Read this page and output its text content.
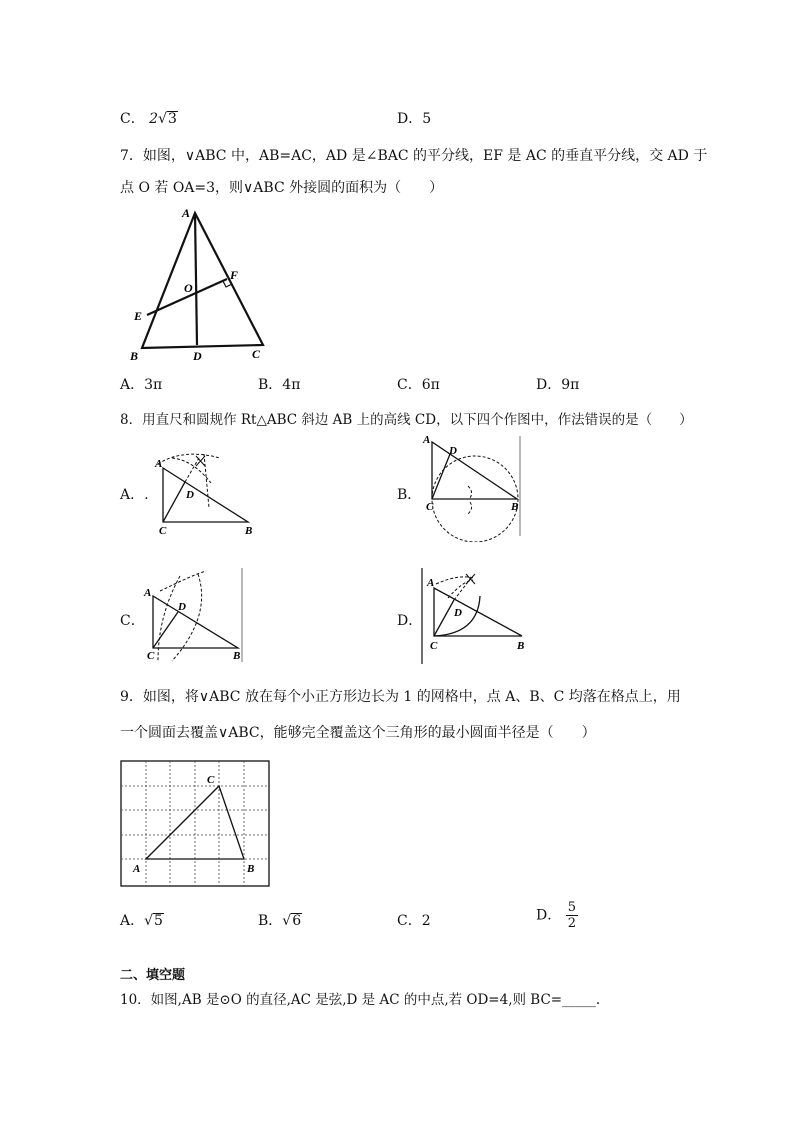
C． 2√3	D．5
7．如图，∨ABC 中，AB=AC，AD 是∠BAC 的平分线，EF 是 AC 的垂直平分线，交 AD 于
点 O 若 OA=3，则∨ABC 外接圆的面积为（　　）
A
B	C
D
E
F
O
A．3π	B．4π	C．6π	D．9π
8．用直尺和圆规作 Rt△ABC 斜边 AB 上的高线 CD，以下四个作图中，作法错误的是（　　）
A．.
A
D
C	B
B．
A
D
C	B
C．
A
D
C	B
D．
A
D
C	B
9．如图，将∨ABC 放在每个小正方形边长为 1 的网格中，点 A、B、C 均落在格点上，用
一个圆面去覆盖∨ABC，能够完全覆盖这个三角形的最小圆面半径是（　　）
A	B
C
A．√5	B．√6	C．2	D． $\frac{5}{2}$
二、填空题
10．如图,AB 是⊙O 的直径,AC 是弦,D 是 AC 的中点,若 OD=4,则 BC=_____.
